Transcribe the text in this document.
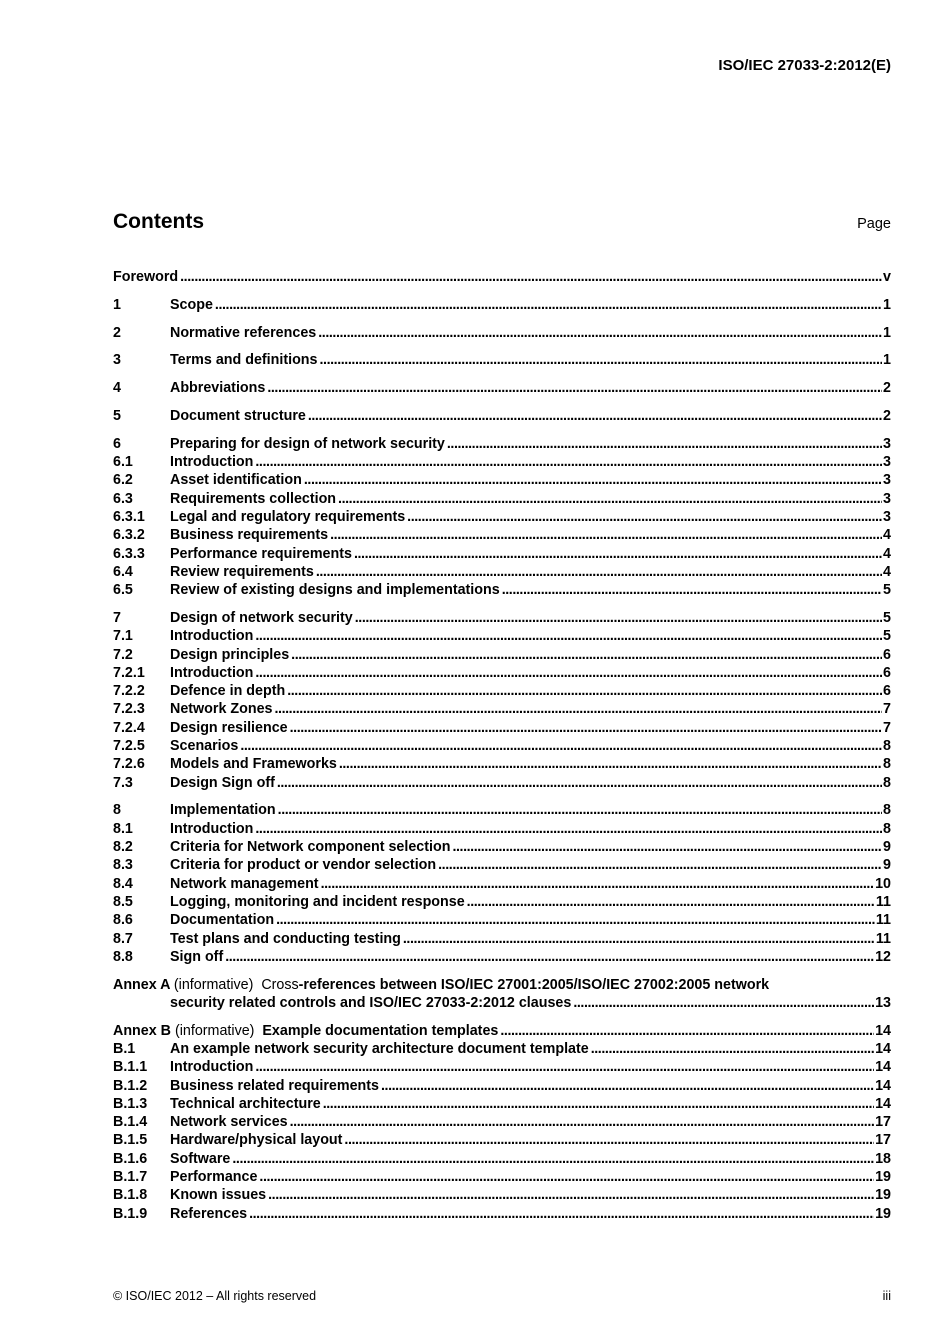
ISO/IEC 27033-2:2012(E)
Contents	Page
Foreword . . .	v
1	Scope . . .	1
2	Normative references . . .	1
3	Terms and definitions . . .	1
4	Abbreviations . . .	2
5	Document structure . . .	2
6	Preparing for design of network security . . .	3
6.1	Introduction . . .	3
6.2	Asset identification . . .	3
6.3	Requirements collection . . .	3
6.3.1	Legal and regulatory requirements . . .	3
6.3.2	Business requirements . . .	4
6.3.3	Performance requirements . . .	4
6.4	Review requirements . . .	4
6.5	Review of existing designs and implementations . . .	5
7	Design of network security . . .	5
7.1	Introduction . . .	5
7.2	Design principles . . .	6
7.2.1	Introduction . . .	6
7.2.2	Defence in depth . . .	6
7.2.3	Network Zones . . .	7
7.2.4	Design resilience . . .	7
7.2.5	Scenarios . . .	8
7.2.6	Models and Frameworks . . .	8
7.3	Design Sign off . . .	8
8	Implementation . . .	8
8.1	Introduction . . .	8
8.2	Criteria for Network component selection . . .	9
8.3	Criteria for product or vendor selection . . .	9
8.4	Network management . . .	10
8.5	Logging, monitoring and incident response . . .	11
8.6	Documentation . . .	11
8.7	Test plans and conducting testing . . .	11
8.8	Sign off . . .	12
Annex A (informative) Cross-references between ISO/IEC 27001:2005/ISO/IEC 27002:2005 network
security related controls and ISO/IEC 27033-2:2012 clauses . . .	13
Annex B (informative) Example documentation templates . . .	14
B.1	An example network security architecture document template . . .	14
B.1.1	Introduction . . .	14
B.1.2	Business related requirements . . .	14
B.1.3	Technical architecture . . .	14
B.1.4	Network services . . .	17
B.1.5	Hardware/physical layout . . .	17
B.1.6	Software . . .	18
B.1.7	Performance . . .	19
B.1.8	Known issues . . .	19
B.1.9	References . . .	19
© ISO/IEC 2012 – All rights reserved	iii
